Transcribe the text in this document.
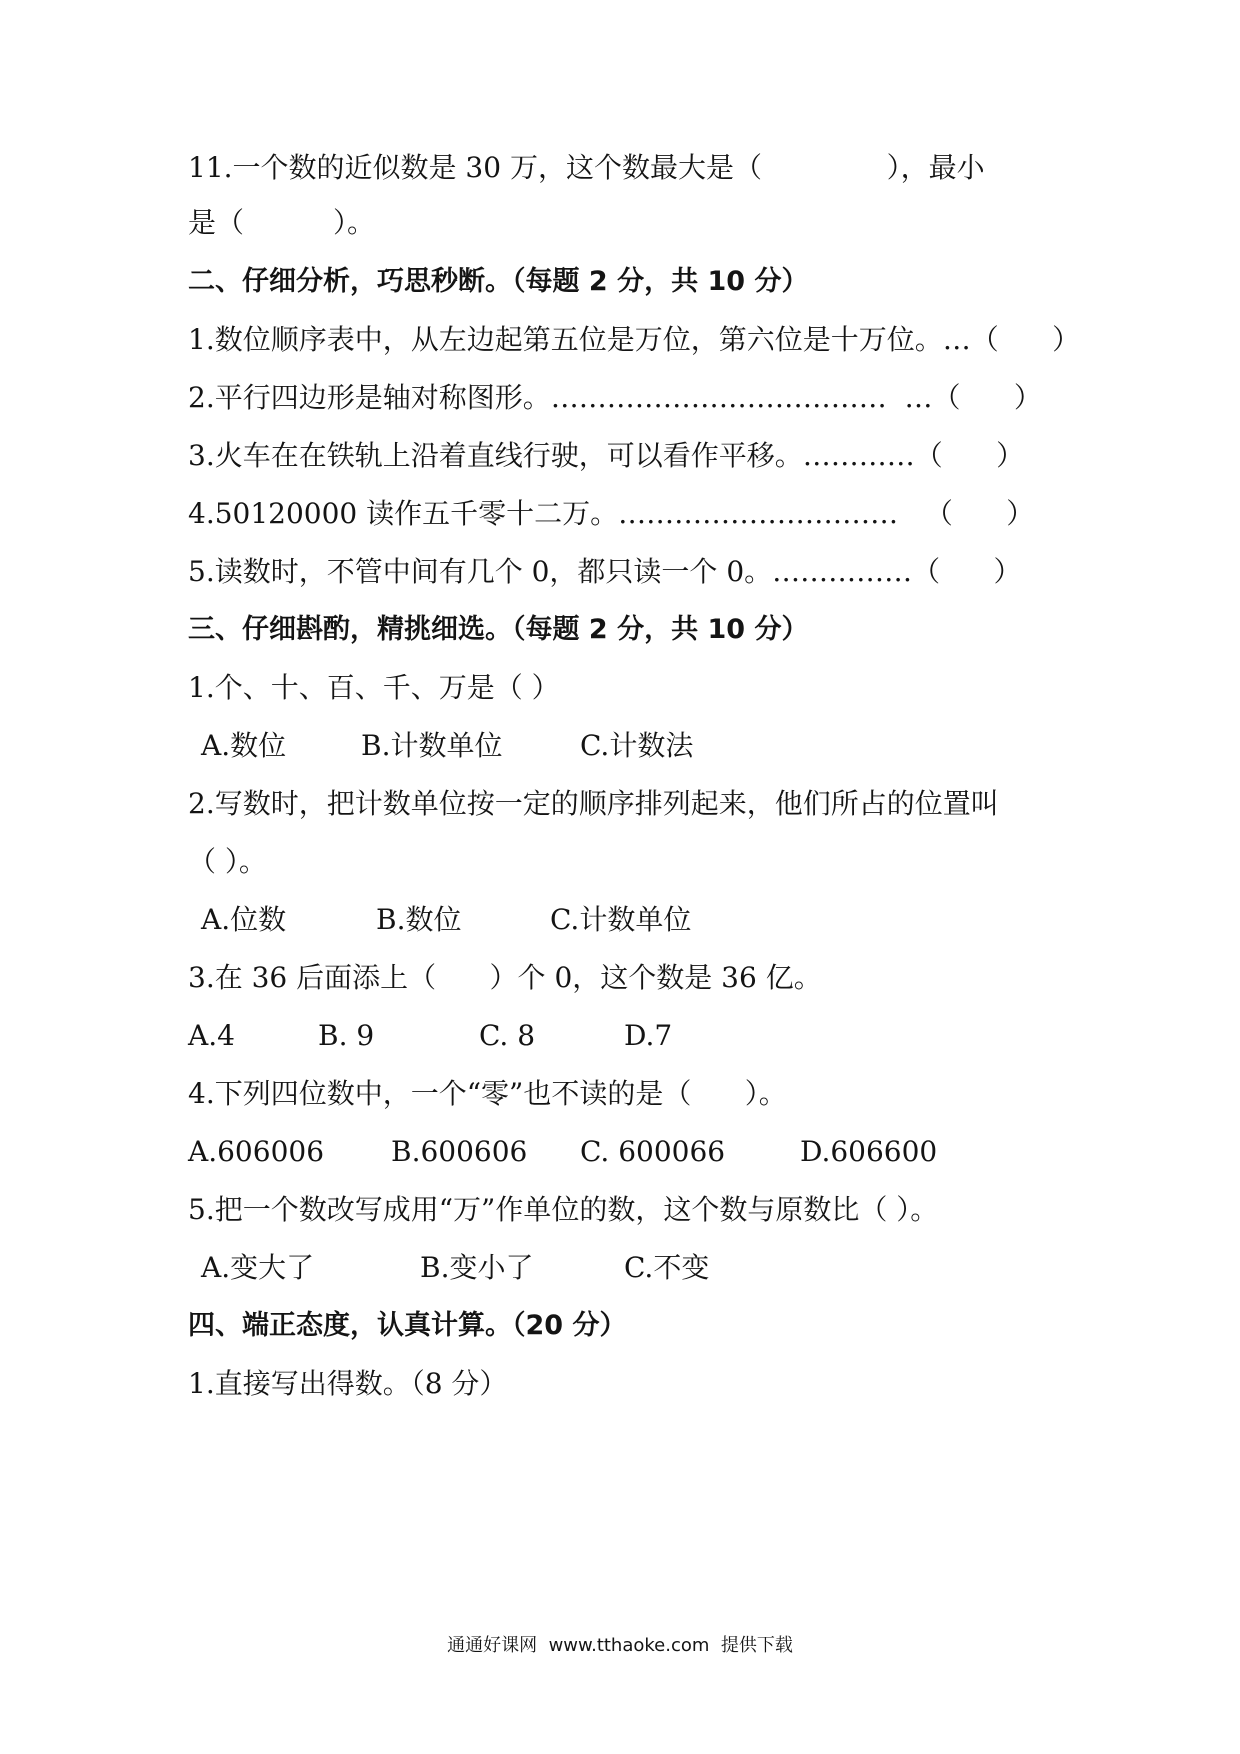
11.一个数的近似数是 30 万，这个数最大是（              ），最小
是（          ）。
二、仔细分析，巧思秒断。（每题 2 分，共 10 分）
1.数位顺序表中，从左边起第五位是万位，第六位是十万位。…（      ）
2.平行四边形是轴对称图形。………………………………  …（      ）
3.火车在在铁轨上沿着直线行驶，可以看作平移。…………（      ）
4.50120000 读作五千零十二万。…………………………   （      ）
5.读数时，不管中间有几个 0，都只读一个 0。……………（      ）
三、仔细斟酌，精挑细选。（每题 2 分，共 10 分）
1.个、十、百、千、万是（ ）
A.数位	B.计数单位	C.计数法
2.写数时，把计数单位按一定的顺序排列起来，他们所占的位置叫
（ ）。
A.位数	B.数位	C.计数单位
3.在 36 后面添上（      ）个 0，这个数是 36 亿。
A.4	B. 9	C. 8	D.7
4.下列四位数中，一个“零”也不读的是（      ）。
A.606006 B.600606 C. 600066	D.606600
5.把一个数改写成用“万”作单位的数，这个数与原数比（ ）。
A.变大了	B.变小了	C.不变
四、端正态度，认真计算。（20 分）
1.直接写出得数。（8 分）
通通好课网  www.tthaoke.com  提供下载
